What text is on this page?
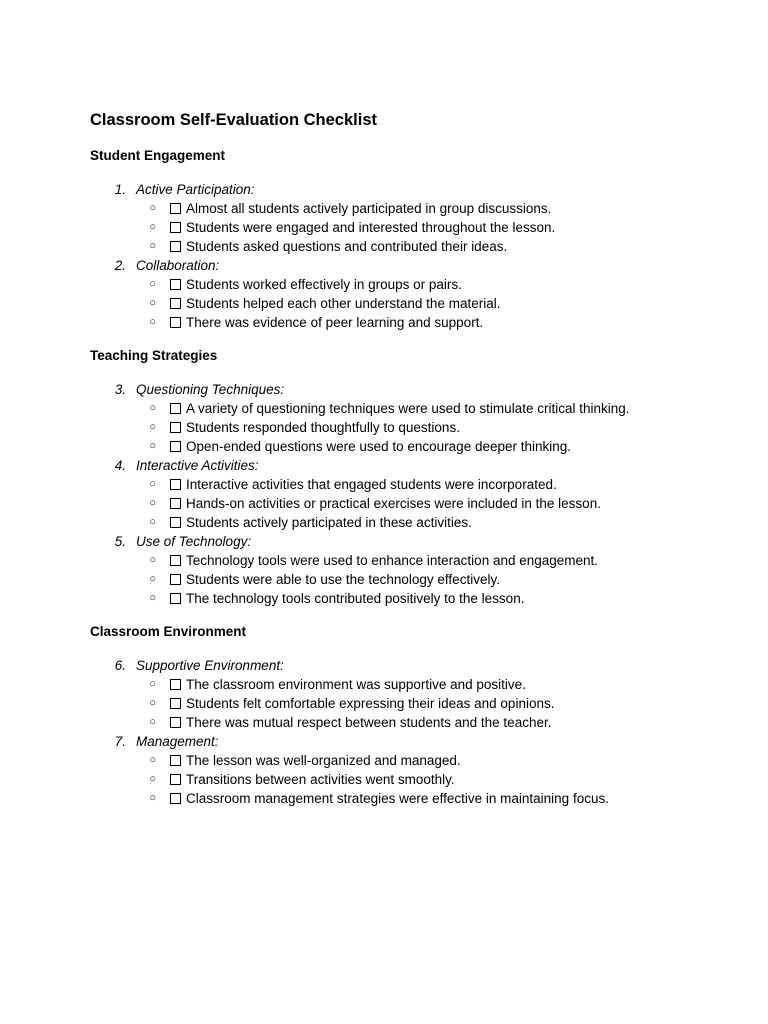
Classroom Self-Evaluation Checklist
Student Engagement
1. Active Participation:
○	Almost all students actively participated in group discussions.
○	Students were engaged and interested throughout the lesson.
○	Students asked questions and contributed their ideas.
2. Collaboration:
○	Students worked effectively in groups or pairs.
○	Students helped each other understand the material.
○	There was evidence of peer learning and support.
Teaching Strategies
3. Questioning Techniques:
○	A variety of questioning techniques were used to stimulate critical thinking.
○	Students responded thoughtfully to questions.
○	Open-ended questions were used to encourage deeper thinking.
4. Interactive Activities:
○	Interactive activities that engaged students were incorporated.
○	Hands-on activities or practical exercises were included in the lesson.
○	Students actively participated in these activities.
5. Use of Technology:
○	Technology tools were used to enhance interaction and engagement.
○	Students were able to use the technology effectively.
○	The technology tools contributed positively to the lesson.
Classroom Environment
6. Supportive Environment:
○	The classroom environment was supportive and positive.
○	Students felt comfortable expressing their ideas and opinions.
○	There was mutual respect between students and the teacher.
7. Management:
○	The lesson was well-organized and managed.
○	Transitions between activities went smoothly.
○	Classroom management strategies were effective in maintaining focus.
